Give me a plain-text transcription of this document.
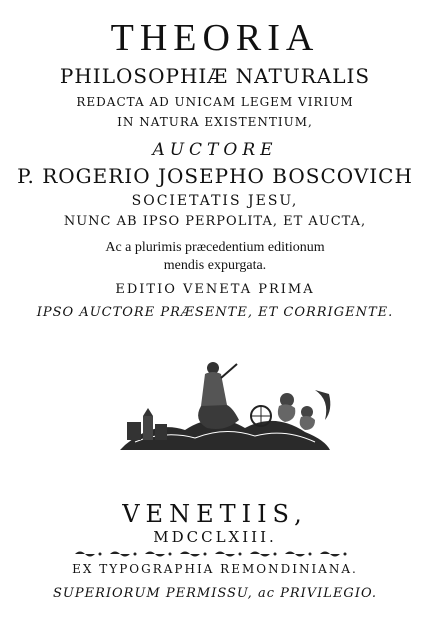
THEORIA
PHILOSOPHIÆ NATURALIS
REDACTA AD UNICAM LEGEM VIRIUM
IN NATURA EXISTENTIUM,
AUCTORE
P. ROGERIO JOSEPHO BOSCOVICH
SOCIETATIS JESU,
NUNC AB IPSO PERPOLITA, ET AUCTA,
Ac a plurimis præcedentium editionum
mendis expurgata.
EDITIO VENETA PRIMA
IPSO AUCTORE PRÆSENTE, ET CORRIGENTE.
VENETIIS,
MDCCLXIII.
EX TYPOGRAPHIA REMONDINIANA.
SUPERIORUM PERMISSU, ac PRIVILEGIO.
